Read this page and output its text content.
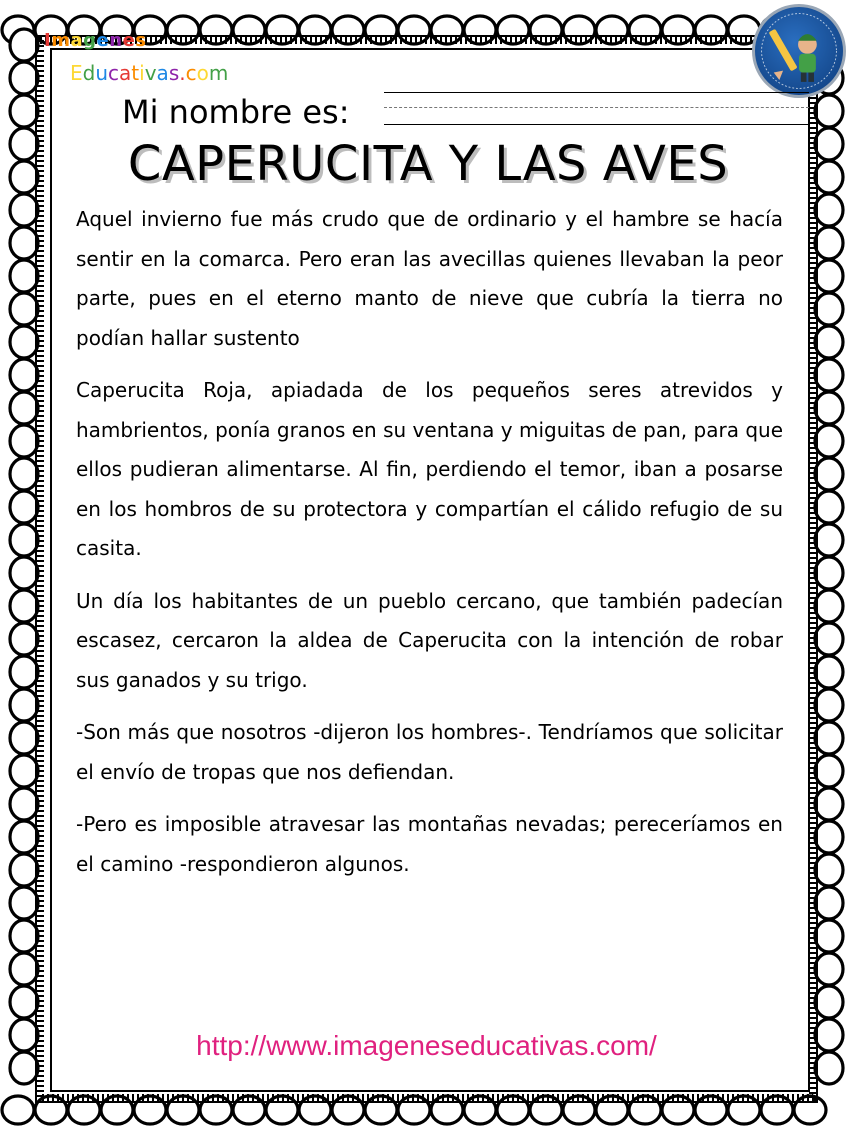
Imagenes
Educativas.com
Mi nombre es:
CAPERUCITA Y LAS AVES

Aquel invierno fue más crudo que de ordinario y el hambre se hacía sentir en la comarca. Pero eran las avecillas quienes llevaban la peor parte, pues en el eterno manto de nieve que cubría la tierra no podían hallar sustento

Caperucita Roja, apiadada de los pequeños seres atrevidos y hambrientos, ponía granos en su ventana y miguitas de pan, para que ellos pudieran alimentarse. Al fin, perdiendo el temor, iban a posarse en los hombros de su protectora y compartían el cálido refugio de su casita.

Un día los habitantes de un pueblo cercano, que también padecían escasez, cercaron la aldea de Caperucita con la intención de robar sus ganados y su trigo.

-Son más que nosotros -dijeron los hombres-. Tendríamos que solicitar el envío de tropas que nos defiendan.

-Pero es imposible atravesar las montañas nevadas; pereceríamos en el camino -respondieron algunos.

http://www.imageneseducativas.com/
